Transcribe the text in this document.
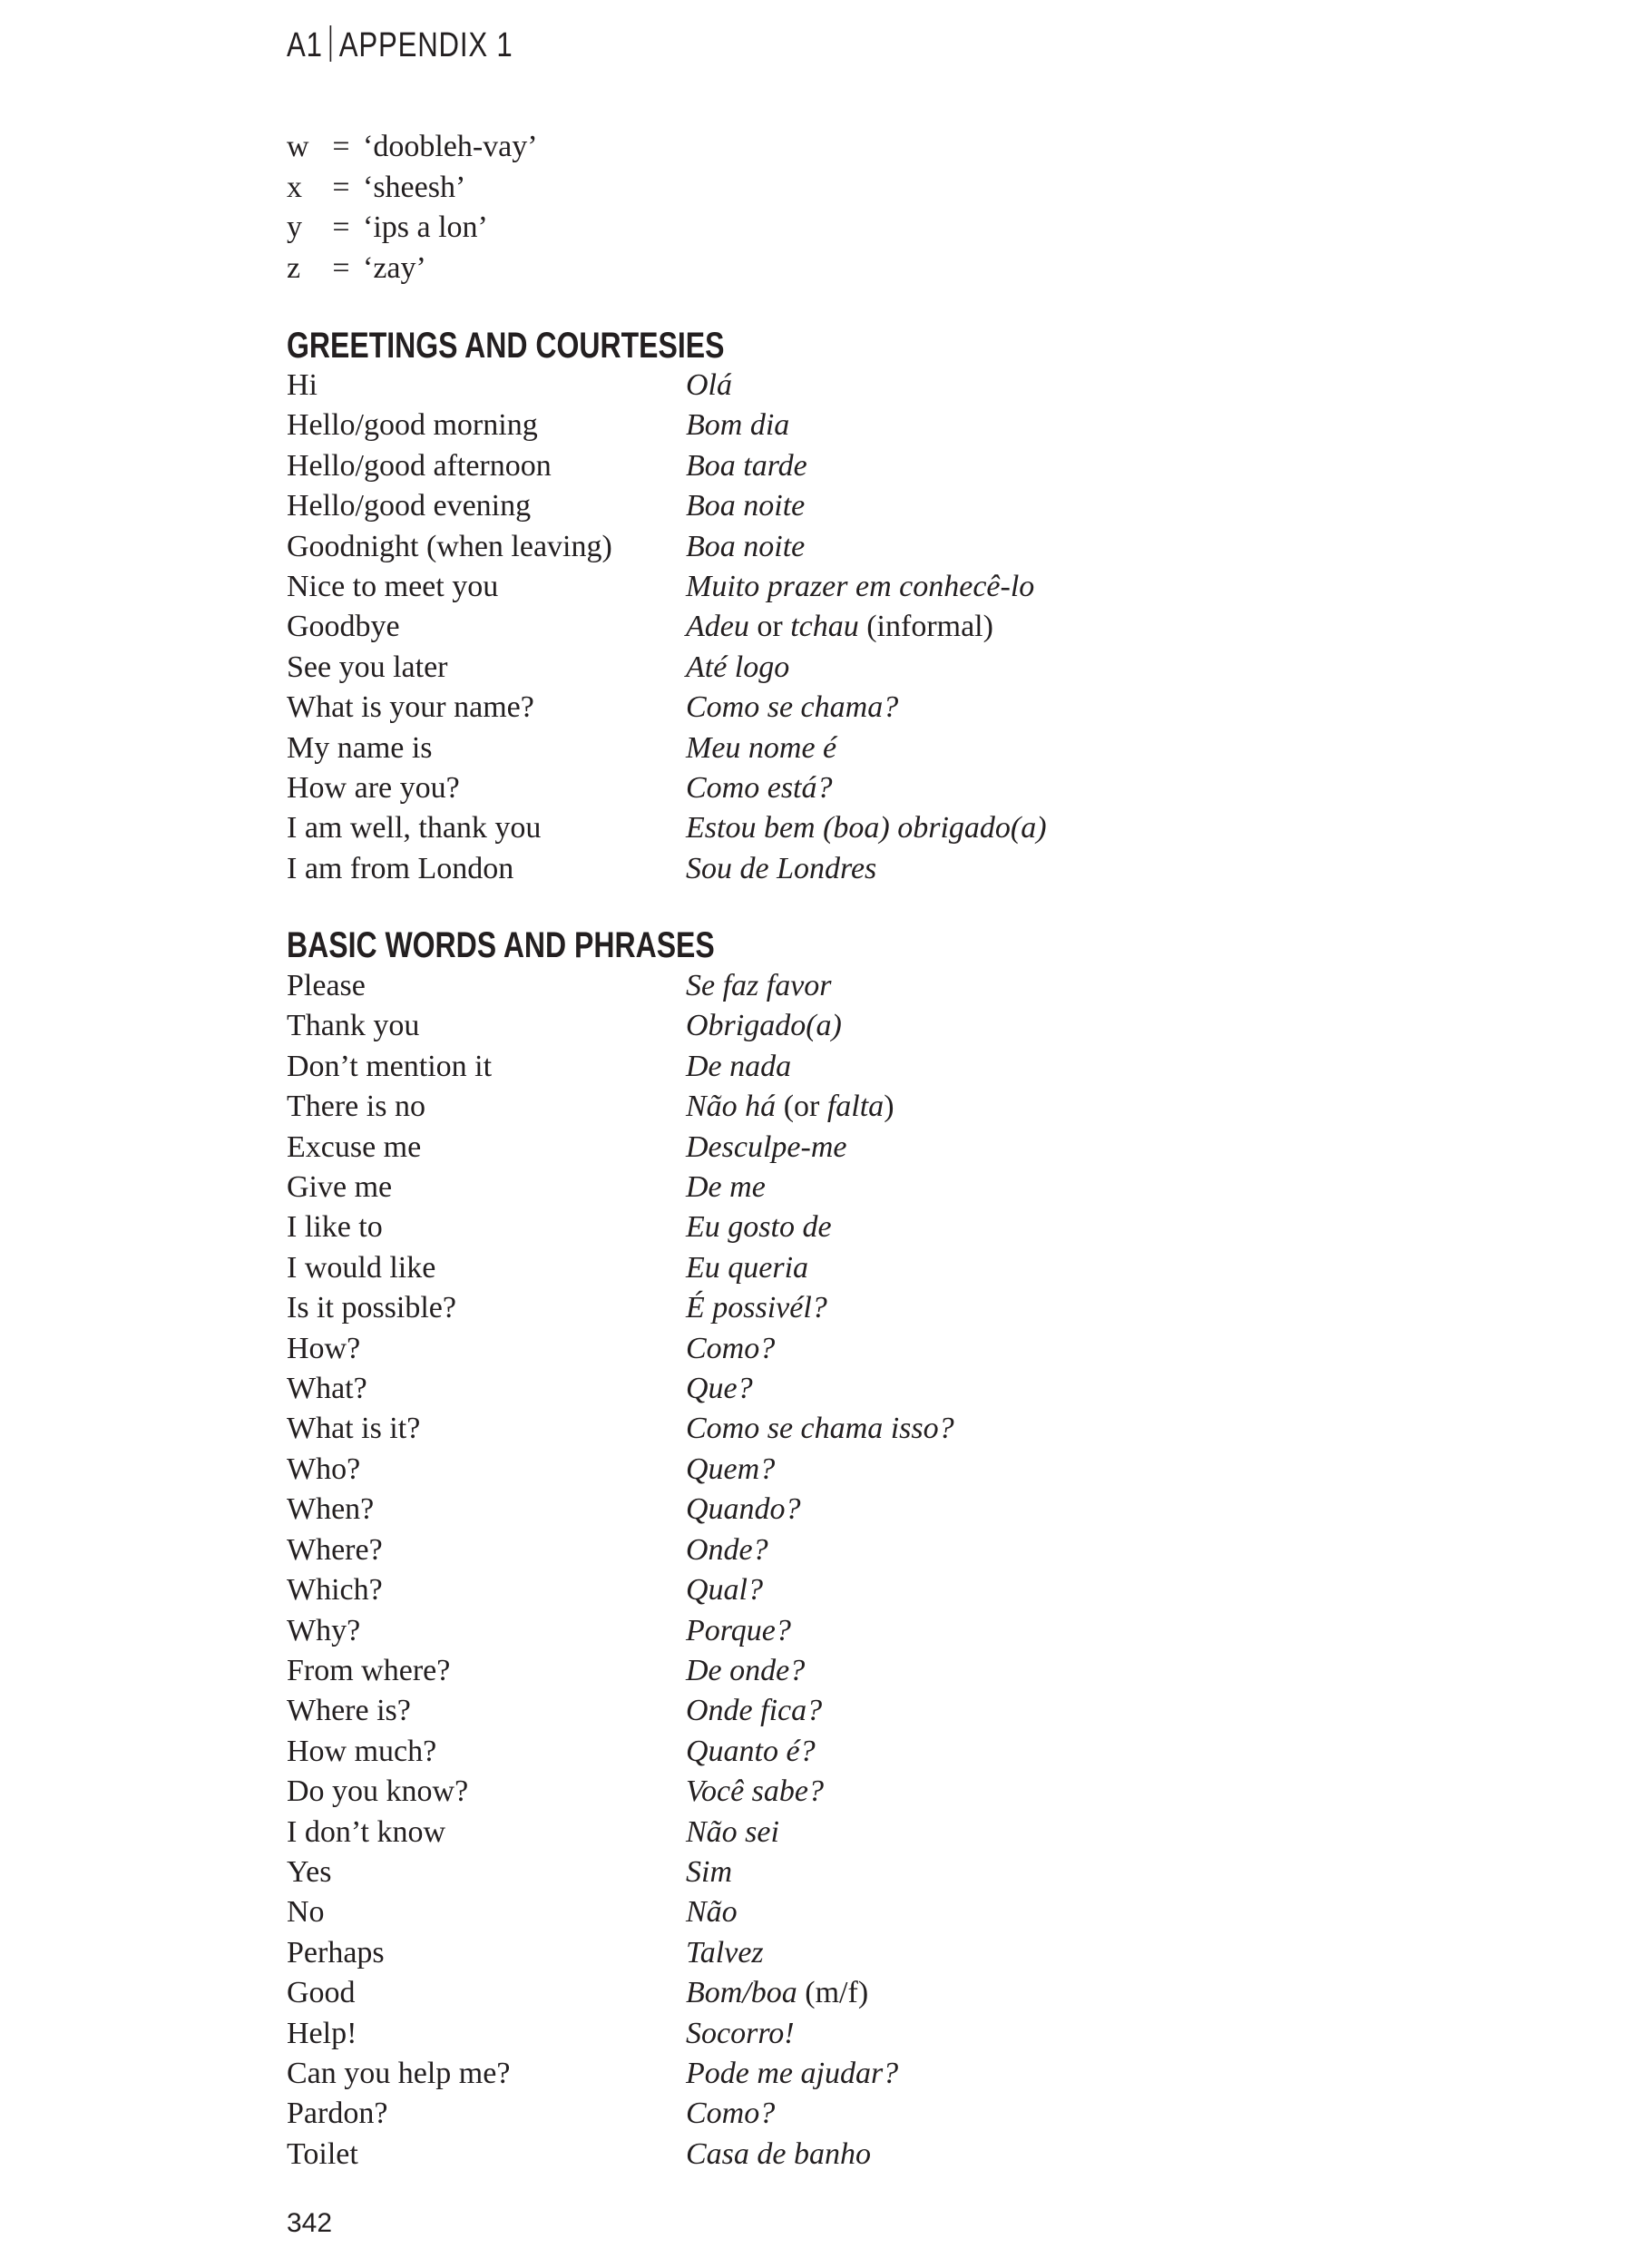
A1 APPENDIX 1
w = ‘doobleh-vay’
x = ‘sheesh’
y = ‘ips a lon’
z	= ‘zay’
GREETINGS AND COURTESIES
Hi	Olá
Hello/good morning	Bom dia
Hello/good afternoon	Boa tarde
Hello/good evening	Boa noite
Goodnight (when leaving)	Boa noite
Nice to meet you	Muito prazer em conhecê-lo
Goodbye	Adeu or tchau (informal)
See you later	Até logo
What is your name?	Como se chama?
My name is	Meu nome é
How are you?	Como está?
I am well, thank you	Estou bem (boa) obrigado(a)
I am from London	Sou de Londres
BASIC WORDS AND PHRASES
Please	Se faz favor
Thank you	Obrigado(a)
Don’t mention it	De nada
There is no	Não há (or falta)
Excuse me	Desculpe-me
Give me	De me
I like to	Eu gosto de
I would like	Eu queria
Is it possible?	É possivél?
How?	Como?
What?	Que?
What is it?	Como se chama isso?
Who?	Quem?
When?	Quando?
Where?	Onde?
Which?	Qual?
Why?	Porque?
From where?	De onde?
Where is?	Onde fica?
How much?	Quanto é?
Do you know?	Você sabe?
I don’t know	Não sei
Yes	Sim
No	Não
Perhaps	Talvez
Good	Bom/boa (m/f)
Help!	Socorro!
Can you help me?	Pode me ajudar?
Pardon?	Como?
Toilet	Casa de banho
342
